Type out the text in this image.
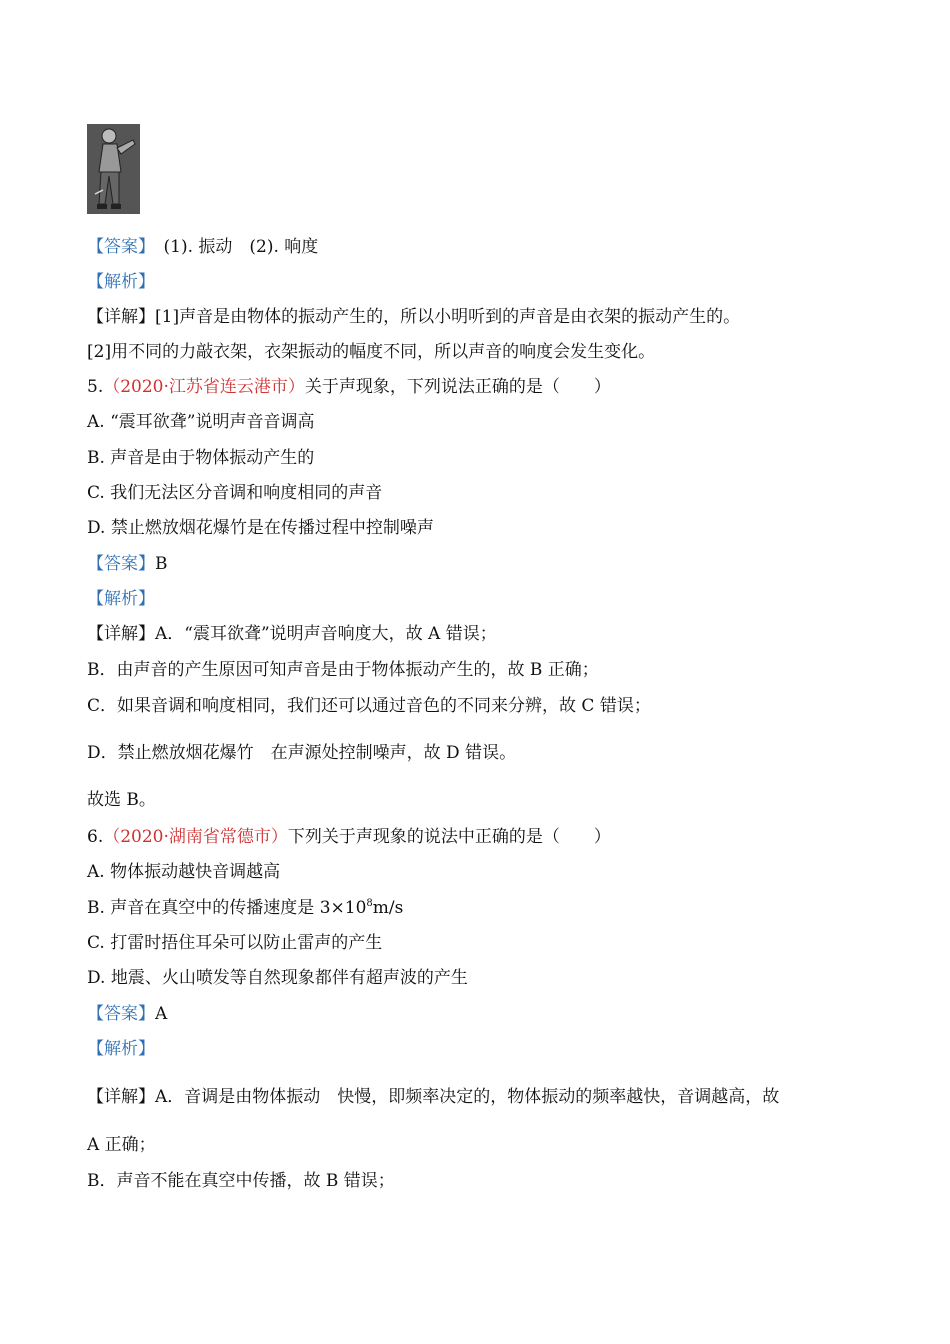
【答案】　(1). 振动　(2). 响度
【解析】
【详解】[1]声音是由物体的振动产生的，所以小明听到的声音是由衣架的振动产生的。
[2]用不同的力敲衣架，衣架振动的幅度不同，所以声音的响度会发生变化。
5.（2020·江苏省连云港市）关于声现象，下列说法正确的是（　　）
A. “震耳欲聋”说明声音音调高
B. 声音是由于物体振动产生的
C. 我们无法区分音调和响度相同的声音
D. 禁止燃放烟花爆竹是在传播过程中控制噪声
【答案】B
【解析】
【详解】A．“震耳欲聋”说明声音响度大，故 A 错误；
B．由声音的产生原因可知声音是由于物体振动产生的，故 B 正确；
C．如果音调和响度相同，我们还可以通过音色的不同来分辨，故 C 错误；
D．禁止燃放烟花爆竹　在声源处控制噪声，故 D 错误。
故选 B。
6.（2020·湖南省常德市）下列关于声现象的说法中正确的是（　　）
A. 物体振动越快音调越高
B. 声音在真空中的传播速度是 $3\times 10^8m/s$
C. 打雷时捂住耳朵可以防止雷声的产生
D. 地震、火山喷发等自然现象都伴有超声波的产生
【答案】A
【解析】
【详解】A．音调是由物体振动　快慢，即频率决定的，物体振动的频率越快，音调越高，故
A 正确；
B．声音不能在真空中传播，故 B 错误；
